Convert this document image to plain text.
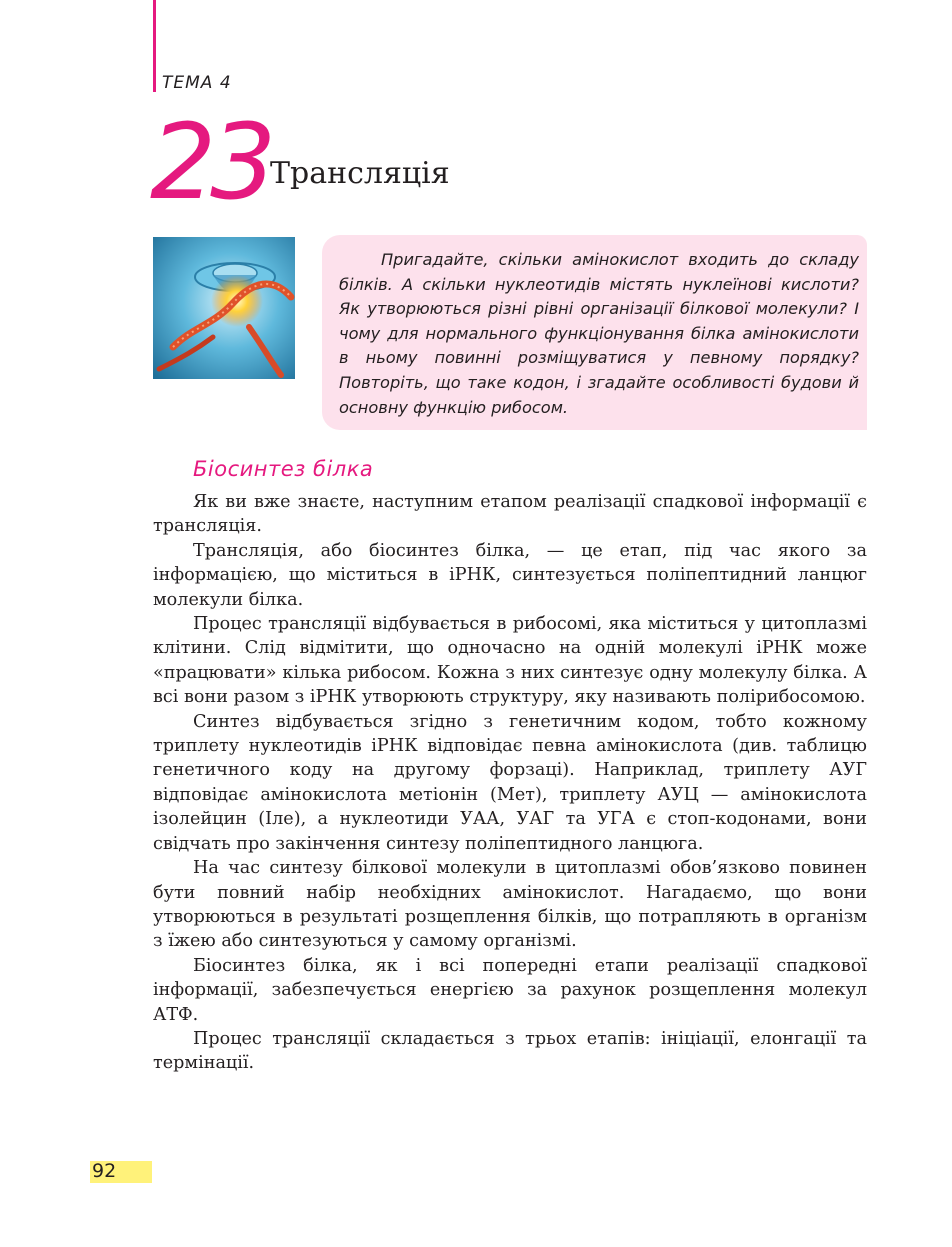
ТЕМА 4
23 Трансляція

Пригадайте, скільки амінокислот входить до складу білків. А скільки нуклеотидів містять нуклеїнові кислоти? Як утворюються різні рівні організації білкової молекули? І чому для нормального функціонування білка амінокислоти в ньому повинні розміщуватися у певному порядку? Повторіть, що таке кодон, і згадайте особливості будови й основну функцію рибосом.

Біосинтез білка

Як ви вже знаєте, наступним етапом реалізації спадкової інформації є трансляція.

Трансляція, або біосинтез білка, — це етап, під час якого за інформацією, що міститься в іРНК, синтезується поліпептидний ланцюг молекули білка.

Процес трансляції відбувається в рибосомі, яка міститься у цитоплазмі клітини. Слід відмітити, що одночасно на одній молекулі іРНК може «працювати» кілька рибосом. Кожна з них синтезує одну молекулу білка. А всі вони разом з іРНК утворюють структуру, яку називають полірибосомою.

Синтез відбувається згідно з генетичним кодом, тобто кожному триплету нуклеотидів іРНК відповідає певна амінокислота (див. таблицю генетичного коду на другому форзаці). Наприклад, триплету АУГ відповідає амінокислота метіонін (Мет), триплету АУЦ — амінокислота ізолейцин (Іле), а нуклеотиди УАА, УАГ та УГА є стоп-кодонами, вони свідчать про закінчення синтезу поліпептидного ланцюга.

На час синтезу білкової молекули в цитоплазмі обов’язково повинен бути повний набір необхідних амінокислот. Нагадаємо, що вони утворюються в результаті розщеплення білків, що потрапляють в організм з їжею або синтезуються у самому організмі.

Біосинтез білка, як і всі попередні етапи реалізації спадкової інформації, забезпечується енергією за рахунок розщеплення молекул АТФ.

Процес трансляції складається з трьох етапів: ініціації, елонгації та термінації.

92
